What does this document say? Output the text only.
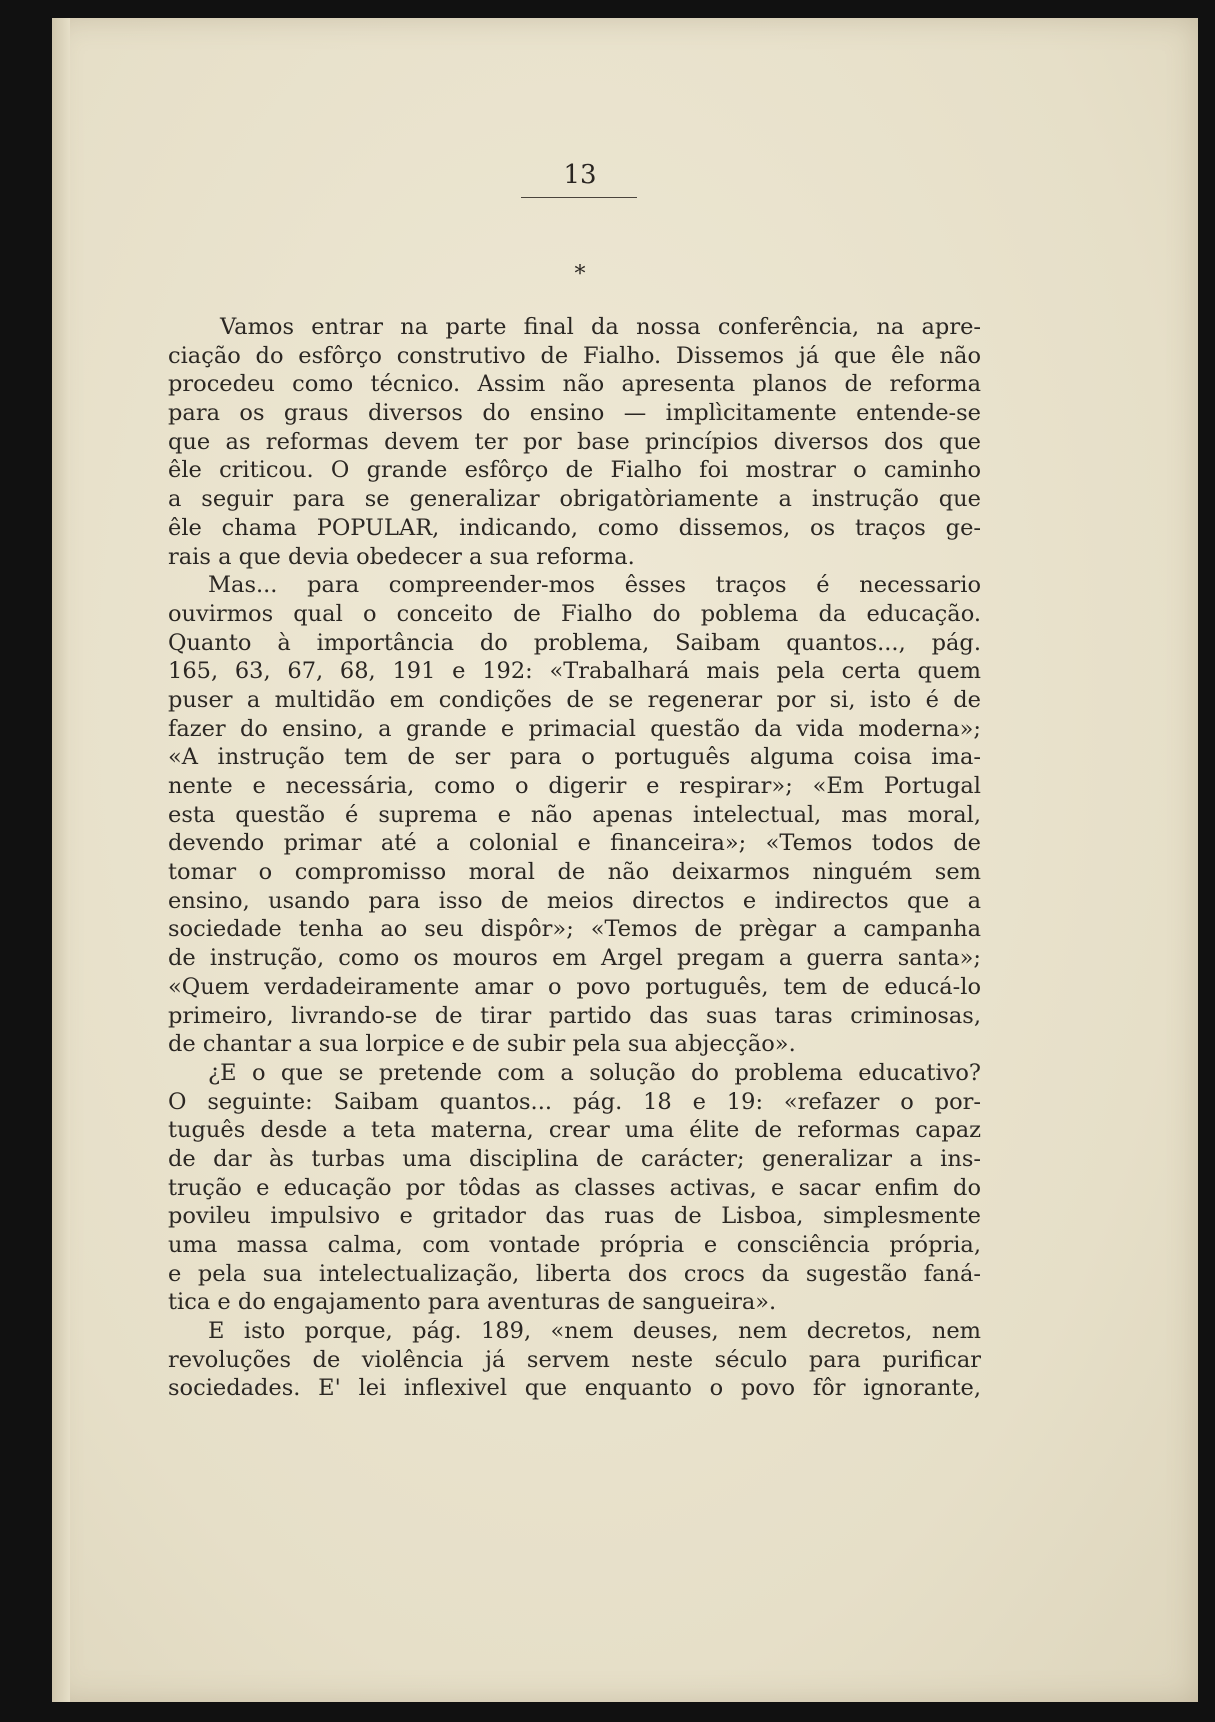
13
*
Vamos entrar na parte final da nossa conferência, na apre-
ciação do esfôrço construtivo de Fialho. Dissemos já que êle não
procedeu como técnico. Assim não apresenta planos de reforma
para os graus diversos do ensino — implìcitamente entende-se
que as reformas devem ter por base princípios diversos dos que
êle criticou. O grande esfôrço de Fialho foi mostrar o caminho
a seguir para se generalizar obrigatòriamente a instrução que
êle chama POPULAR, indicando, como dissemos, os traços ge-
rais a que devia obedecer a sua reforma.
Mas... para compreender-mos êsses traços é necessario
ouvirmos qual o conceito de Fialho do poblema da educação.
Quanto à importância do problema, Saibam quantos..., pág.
165, 63, 67, 68, 191 e 192: «Trabalhará mais pela certa quem
puser a multidão em condições de se regenerar por si, isto é de
fazer do ensino, a grande e primacial questão da vida moderna»;
«A instrução tem de ser para o português alguma coisa ima-
nente e necessária, como o digerir e respirar»; «Em Portugal
esta questão é suprema e não apenas intelectual, mas moral,
devendo primar até a colonial e financeira»; «Temos todos de
tomar o compromisso moral de não deixarmos ninguém sem
ensino, usando para isso de meios directos e indirectos que a
sociedade tenha ao seu dispôr»; «Temos de prègar a campanha
de instrução, como os mouros em Argel pregam a guerra santa»;
«Quem verdadeiramente amar o povo português, tem de educá-lo
primeiro, livrando-se de tirar partido das suas taras criminosas,
de chantar a sua lorpice e de subir pela sua abjecção».
¿E o que se pretende com a solução do problema educativo?
O seguinte: Saibam quantos... pág. 18 e 19: «refazer o por-
tuguês desde a teta materna, crear uma élite de reformas capaz
de dar às turbas uma disciplina de carácter; generalizar a ins-
trução e educação por tôdas as classes activas, e sacar enfim do
povileu impulsivo e gritador das ruas de Lisboa, simplesmente
uma massa calma, com vontade própria e consciência própria,
e pela sua intelectualização, liberta dos crocs da sugestão faná-
tica e do engajamento para aventuras de sangueira».
E isto porque, pág. 189, «nem deuses, nem decretos, nem
revoluções de violência já servem neste século para purificar
sociedades. E' lei inflexivel que enquanto o povo fôr ignorante,
